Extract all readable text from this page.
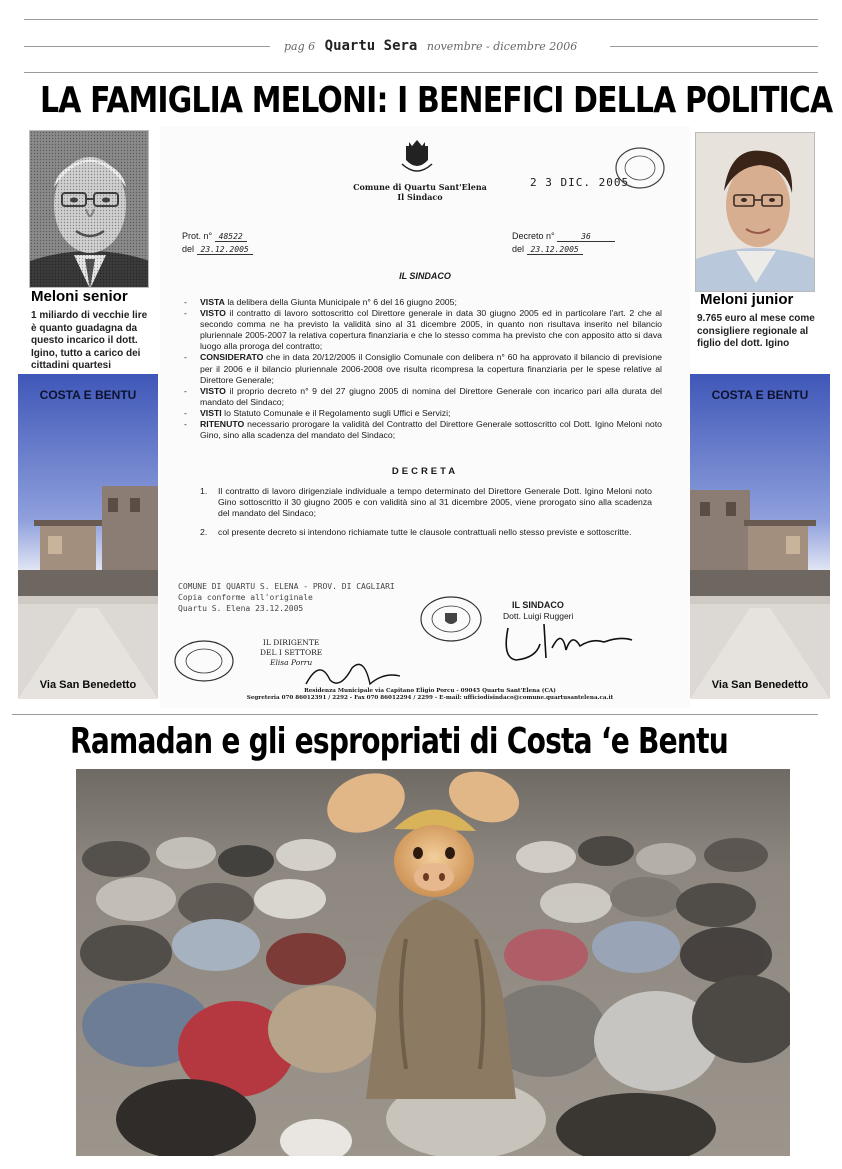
pag 6 Quartu Sera novembre - dicembre 2006
LA FAMIGLIA MELONI: I BENEFICI DELLA POLITICA
Meloni senior
1 miliardo di vecchie lire
è quanto guadagna da
questo incarico il dott.
Igino, tutto a carico dei
cittadini quartesi
Meloni junior
9.765 euro al mese come
consigliere regionale al
figlio del dott. Igino
COSTA E BENTU
Via San Benedetto
COSTA E BENTU
Via San Benedetto
Comune di Quartu Sant'Elena
Il Sindaco
2 3 DIC. 2005
Prot. n° 48522
del 23.12.2005
Decreto n°	36
del 23.12.2005
IL SINDACO
- VISTA la delibera della Giunta Municipale n° 6 del 16 giugno 2005;
- VISTO il contratto di lavoro sottoscritto col Direttore generale in data 30 giugno 2005 ed in particolare l'art. 2 che al secondo comma ne ha previsto la validità sino al 31 dicembre 2005, in quanto non risultava inserito nel bilancio pluriennale 2005-2007 la relativa copertura finanziaria e che lo stesso comma ha previsto che con apposito atto si dava luogo alla proroga del contratto;
- CONSIDERATO che in data 20/12/2005 il Consiglio Comunale con delibera n° 60 ha approvato il bilancio di previsione per il 2006 e il bilancio pluriennale 2006-2008 ove risulta ricompresa la copertura finanziaria per le spese relative al Direttore Generale;
- VISTO il proprio decreto n° 9 del 27 giugno 2005 di nomina del Direttore Generale con incarico pari alla durata del mandato del Sindaco;
- VISTI lo Statuto Comunale e il Regolamento sugli Uffici e Servizi;
- RITENUTO necessario prorogare la validità del Contratto del Direttore Generale sottoscritto col Dott. Igino Meloni noto Gino, sino alla scadenza del mandato del Sindaco;
DECRETA
1. Il contratto di lavoro dirigenziale individuale a tempo determinato del Direttore Generale Dott. Igino Meloni noto Gino sottoscritto il 30 giugno 2005 e con validità sino al 31 dicembre 2005, viene prorogato sino alla scadenza del mandato del Sindaco;
2. col presente decreto si intendono richiamate tutte le clausole contrattuali nello stesso previste e sottoscritte.
COMUNE DI QUARTU S. ELENA - PROV. DI CAGLIARI
Copia conforme all'originale
Quartu S. Elena 23.12.2005	IL SINDACO
Dott. Luigi Ruggeri
IL DIRIGENTE
DEL I SETTORE
Elisa Porru
Residenza Municipale via Capitano Eligio Porcu - 09045 Quartu Sant'Elena (CA)
Segreteria 070 86012391 / 2292 - Fax 070 86012294 / 2299 - E-mail: ufficiodisindaco@comune.quartusantelena.ca.it
Ramadan e gli espropriati di Costa ‘e Bentu
